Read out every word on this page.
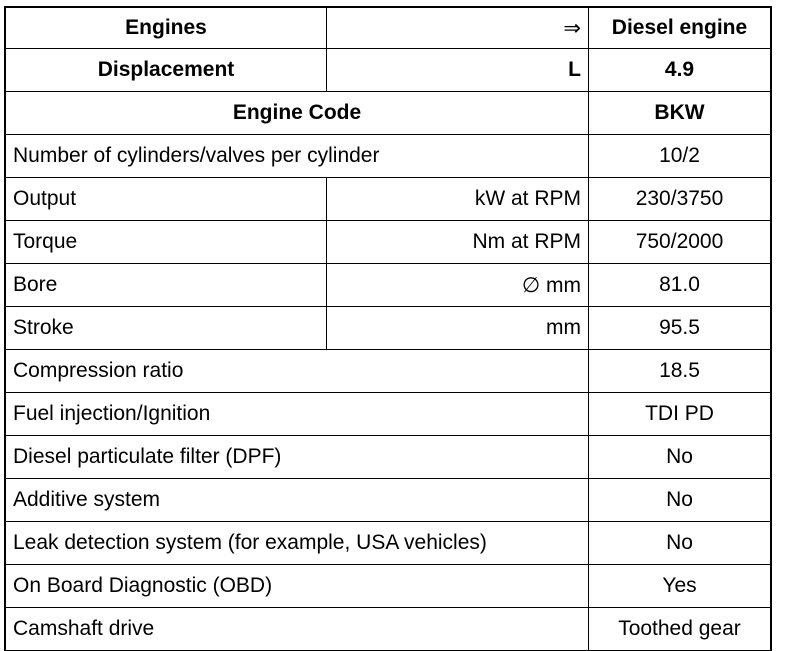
Engines	⇒	Diesel engine
Displacement	L	4.9
Engine Code		BKW
Number of cylinders/valves per cylinder		10/2
Output	kW at RPM	230/3750
Torque	Nm at RPM	750/2000
Bore	∅ mm	81.0
Stroke	mm	95.5
Compression ratio		18.5
Fuel injection/Ignition		TDI PD
Diesel particulate filter (DPF)		No
Additive system		No
Leak detection system (for example, USA vehicles)		No
On Board Diagnostic (OBD)		Yes
Camshaft drive		Toothed gear
